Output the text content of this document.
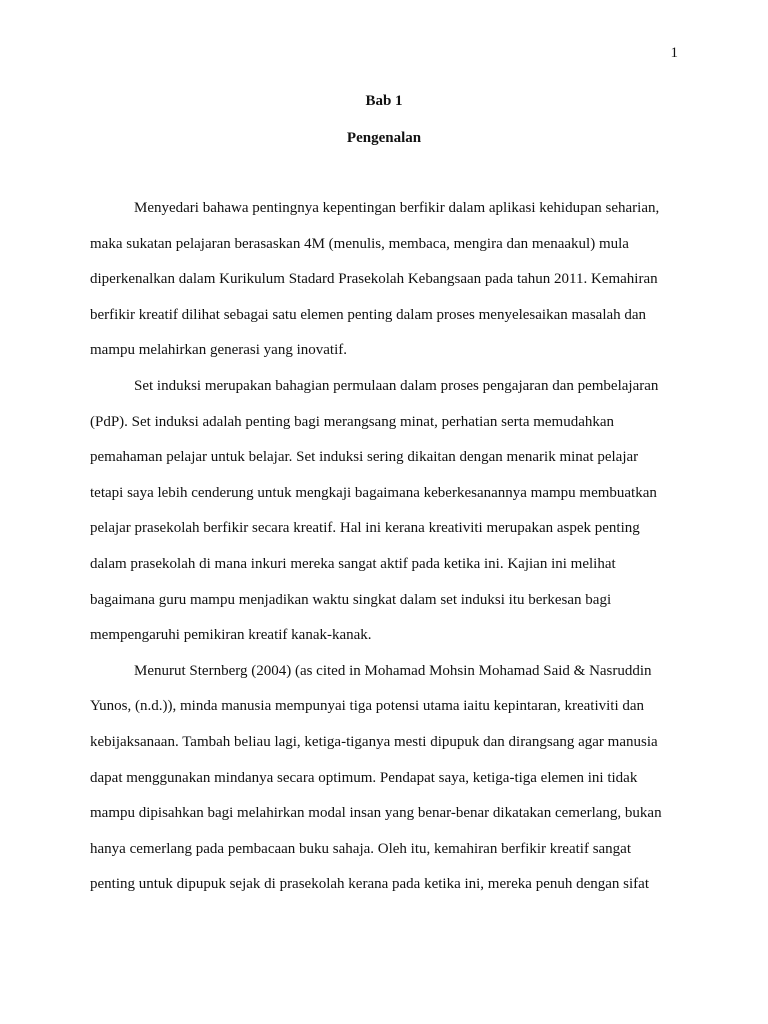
1
Bab 1
Pengenalan
Menyedari bahawa pentingnya kepentingan berfikir dalam aplikasi kehidupan seharian,
maka sukatan pelajaran berasaskan 4M (menulis, membaca, mengira dan menaakul) mula
diperkenalkan dalam Kurikulum Stadard Prasekolah Kebangsaan pada tahun 2011. Kemahiran
berfikir kreatif dilihat sebagai satu elemen penting dalam proses menyelesaikan masalah dan
mampu melahirkan generasi yang inovatif.
Set induksi merupakan bahagian permulaan dalam proses pengajaran dan pembelajaran
(PdP). Set induksi adalah penting bagi merangsang minat, perhatian serta memudahkan
pemahaman pelajar untuk belajar. Set induksi sering dikaitan dengan menarik minat pelajar
tetapi saya lebih cenderung untuk mengkaji bagaimana keberkesanannya mampu membuatkan
pelajar prasekolah berfikir secara kreatif. Hal ini kerana kreativiti merupakan aspek penting
dalam prasekolah di mana inkuri mereka sangat aktif pada ketika ini. Kajian ini melihat
bagaimana guru mampu menjadikan waktu singkat dalam set induksi itu berkesan bagi
mempengaruhi pemikiran kreatif kanak-kanak.
Menurut Sternberg (2004) (as cited in Mohamad Mohsin Mohamad Said & Nasruddin
Yunos, (n.d.)), minda manusia mempunyai tiga potensi utama iaitu kepintaran, kreativiti dan
kebijaksanaan. Tambah beliau lagi, ketiga-tiganya mesti dipupuk dan dirangsang agar manusia
dapat menggunakan mindanya secara optimum. Pendapat saya, ketiga-tiga elemen ini tidak
mampu dipisahkan bagi melahirkan modal insan yang benar-benar dikatakan cemerlang, bukan
hanya cemerlang pada pembacaan buku sahaja. Oleh itu, kemahiran berfikir kreatif sangat
penting untuk dipupuk sejak di prasekolah kerana pada ketika ini, mereka penuh dengan sifat
